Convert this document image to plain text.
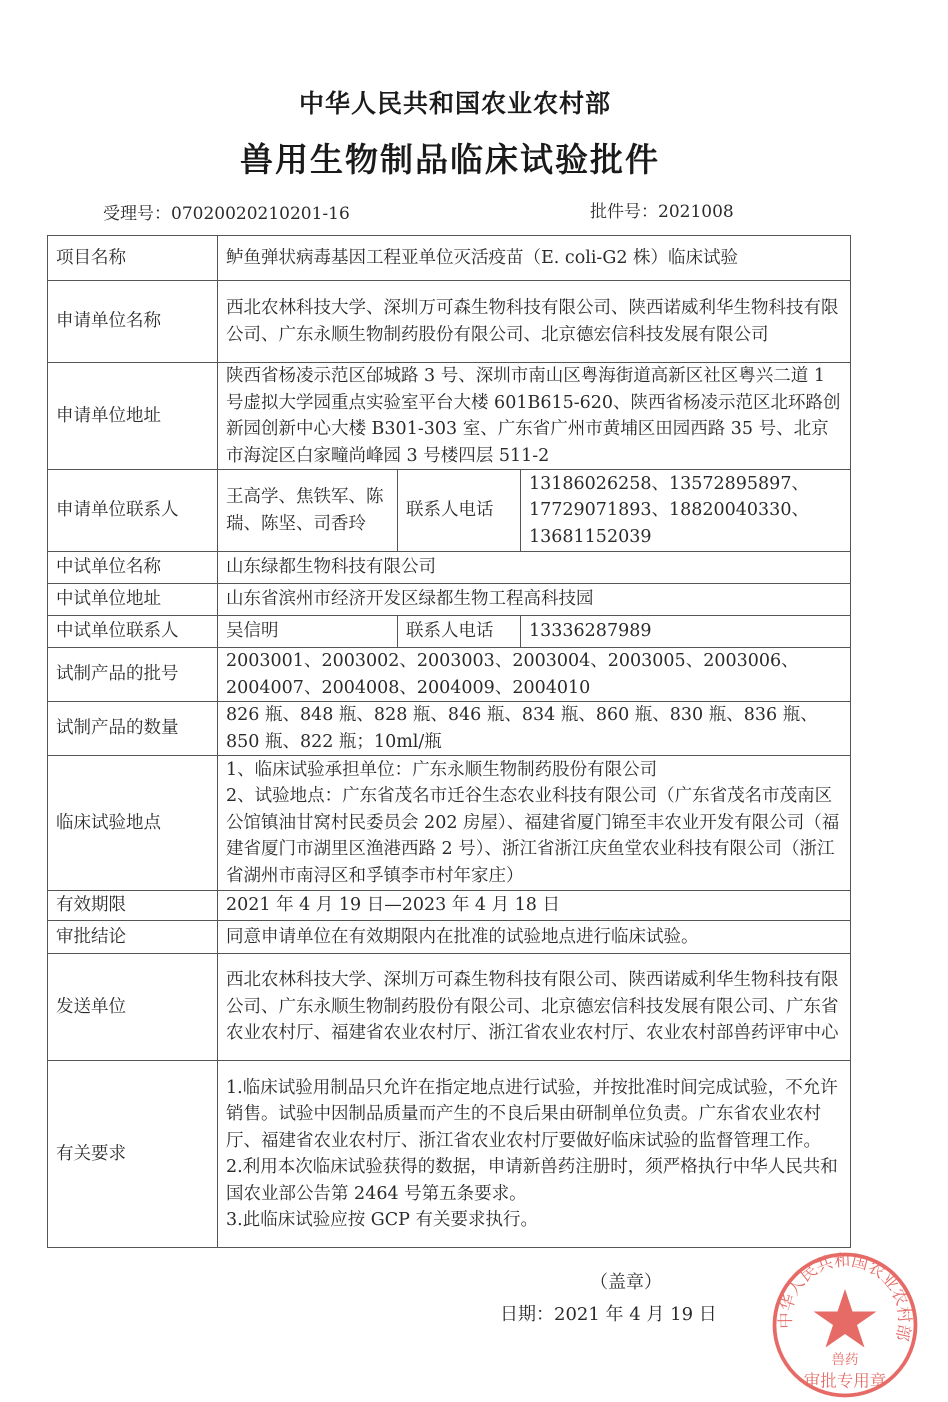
中华人民共和国农业农村部
兽用生物制品临床试验批件
受理号：07020020210201-16	批件号：2021008
项目名称	鲈鱼弹状病毒基因工程亚单位灭活疫苗（E. coli-G2 株）临床试验		
申请单位名称	西北农林科技大学、深圳万可森生物科技有限公司、陕西诺威利华生物科技有限公司、广东永顺生物制药股份有限公司、北京德宏信科技发展有限公司		
申请单位地址	陕西省杨凌示范区邰城路 3 号、深圳市南山区粤海街道高新区社区粤兴二道 1 号虚拟大学园重点实验室平台大楼 601B615-620、陕西省杨凌示范区北环路创新园创新中心大楼 B301-303 室、广东省广州市黄埔区田园西路 35 号、北京市海淀区白家疃尚峰园 3 号楼四层 511-2		
申请单位联系人	王高学、焦铁军、陈瑞、陈坚、司香玲	联系人电话	13186026258、13572895897、17729071893、18820040330、13681152039
中试单位名称	山东绿都生物科技有限公司		
中试单位地址	山东省滨州市经济开发区绿都生物工程高科技园		
中试单位联系人	吴信明	联系人电话	13336287989
试制产品的批号	2003001、2003002、2003003、2003004、2003005、2003006、2004007、2004008、2004009、2004010		
试制产品的数量	826 瓶、848 瓶、828 瓶、846 瓶、834 瓶、860 瓶、830 瓶、836 瓶、850 瓶、822 瓶；10ml/瓶		
临床试验地点	1、临床试验承担单位：广东永顺生物制药股份有限公司
2、试验地点：广东省茂名市迁谷生态农业科技有限公司（广东省茂名市茂南区公馆镇油甘窝村民委员会 202 房屋）、福建省厦门锦至丰农业开发有限公司（福建省厦门市湖里区渔港西路 2 号）、浙江省浙江庆鱼堂农业科技有限公司（浙江省湖州市南浔区和孚镇李市村年家庄）		

有效期限	2021 年 4 月 19 日—2023 年 4 月 18 日		
审批结论	同意申请单位在有效期限内在批准的试验地点进行临床试验。		
发送单位	西北农林科技大学、深圳万可森生物科技有限公司、陕西诺威利华生物科技有限公司、广东永顺生物制药股份有限公司、北京德宏信科技发展有限公司、广东省农业农村厅、福建省农业农村厅、浙江省农业农村厅、农业农村部兽药评审中心		
有关要求	1.临床试验用制品只允许在指定地点进行试验，并按批准时间完成试验，不允许销售。试验中因制品质量而产生的不良后果由研制单位负责。广东省农业农村厅、福建省农业农村厅、浙江省农业农村厅要做好临床试验的监督管理工作。
2.利用本次临床试验获得的数据，申请新兽药注册时，须严格执行中华人民共和国农业部公告第 2464 号第五条要求。
3.此临床试验应按 GCP 有关要求执行。		
（盖章）
日期：2021 年 4 月 19 日	中华人民共和国农业农村部
兽药
审批专用章
